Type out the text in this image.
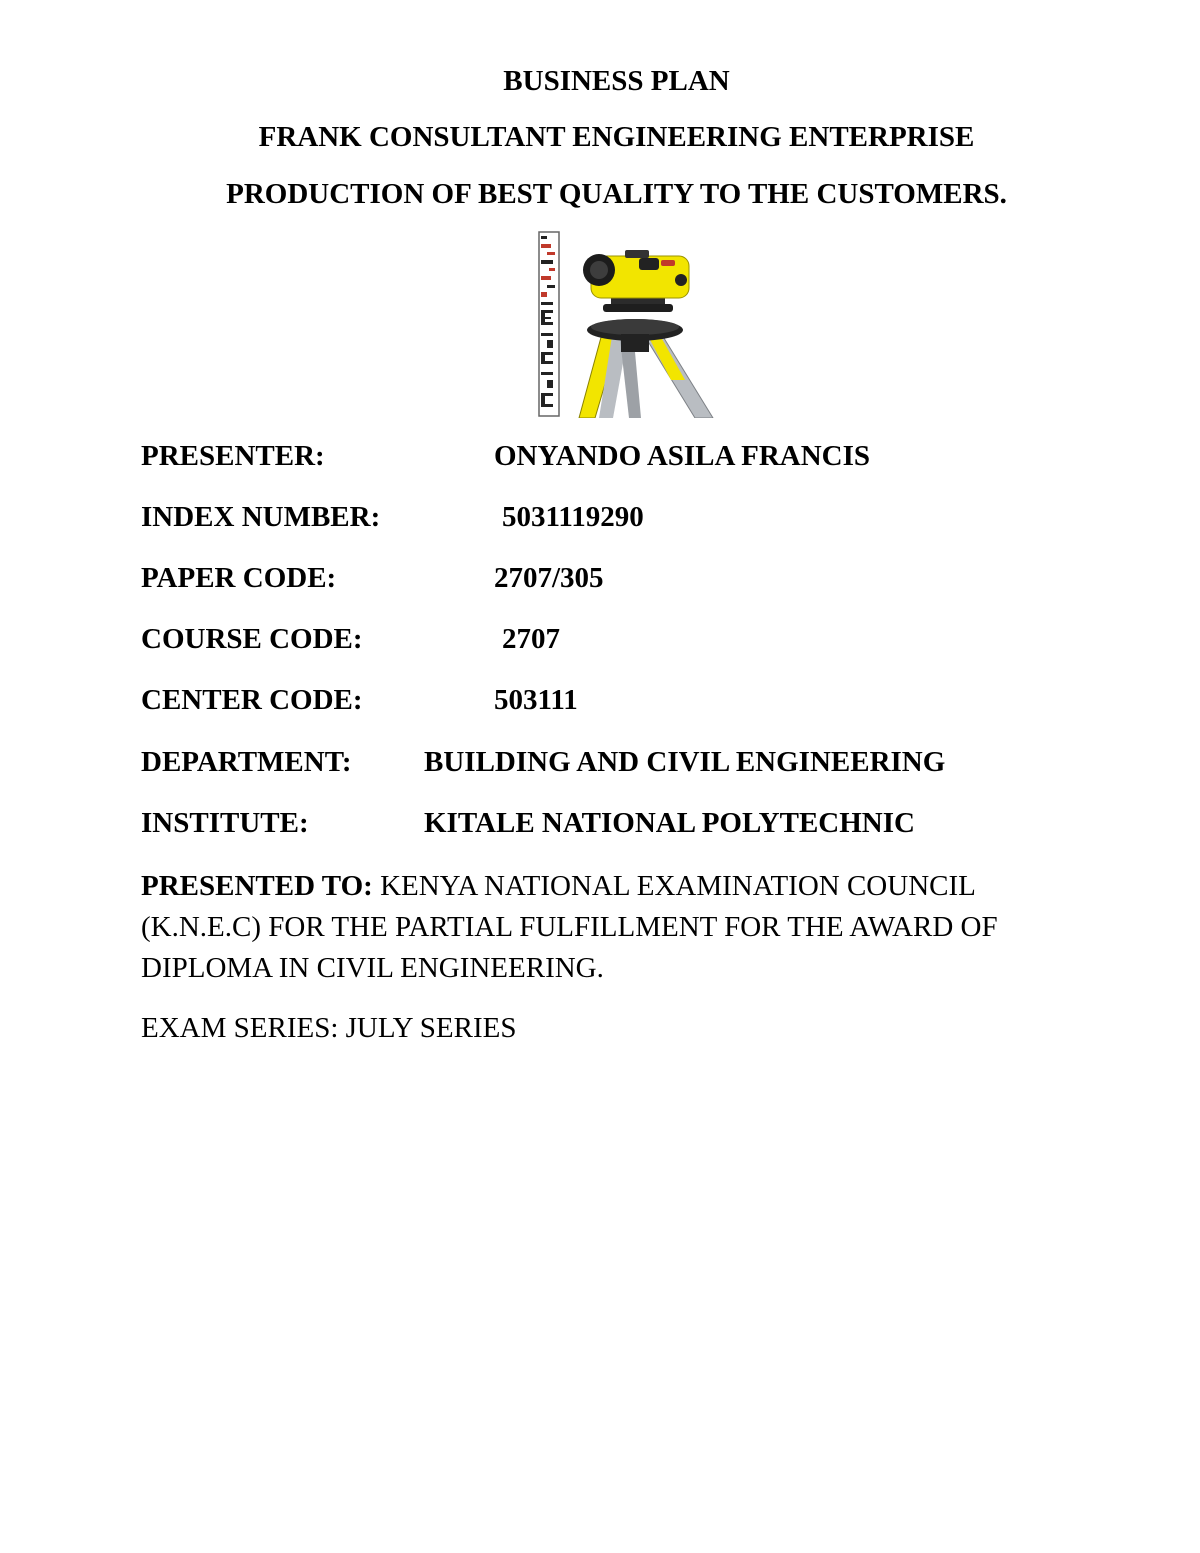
BUSINESS PLAN
FRANK CONSULTANT ENGINEERING ENTERPRISE
PRODUCTION OF BEST QUALITY TO THE CUSTOMERS.
PRESENTER:	ONYANDO ASILA FRANCIS
INDEX NUMBER:	5031119290
PAPER CODE:	2707/305
COURSE CODE:	2707
CENTER CODE:	503111
DEPARTMENT: BUILDING AND CIVIL ENGINEERING
INSTITUTE:	KITALE NATIONAL POLYTECHNIC
PRESENTED TO: KENYA NATIONAL EXAMINATION COUNCIL (K.N.E.C) FOR THE PARTIAL FULFILLMENT FOR THE AWARD OF DIPLOMA IN CIVIL ENGINEERING.
EXAM SERIES: JULY SERIES
